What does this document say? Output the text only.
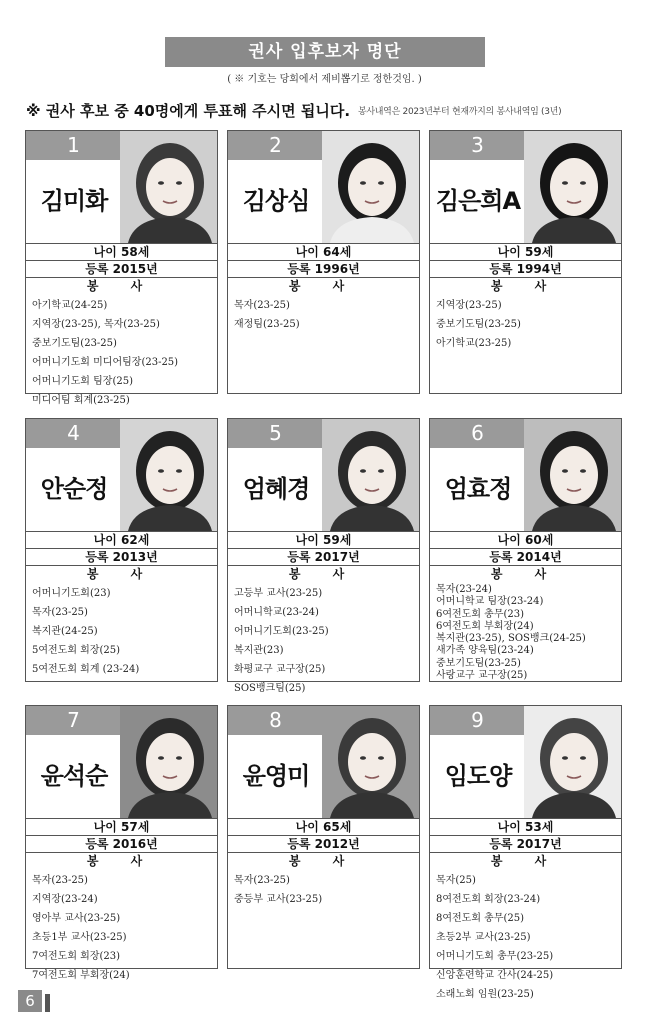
권사 입후보자 명단
( ※ 기호는 당회에서 제비뽑기로 정한것임. )
※ 권사 후보 중 40명에게 투표해 주시면 됩니다. 봉사내역은 2023년부터 현재까지의 봉사내역임 (3년)
1
김미화
나이 58세
등록 2015년
봉 사
아기학교(24-25)
지역장(23-25), 목자(23-25)
중보기도팀(23-25)
어머니기도회 미디어팀장(23-25)
어머니기도회 팀장(25)
미디어팀 회계(23-25)
2
김상심
나이 64세
등록 1996년
봉 사
목자(23-25)
재정팀(23-25)
3
김은희A
나이 59세
등록 1994년
봉 사
지역장(23-25)
중보기도팀(23-25)
아기학교(23-25)
4
안순정
나이 62세
등록 2013년
봉 사
어머니기도회(23)
목자(23-25)
복지관(24-25)
5여전도회 회장(25)
5여전도회 회계 (23-24)
5
엄혜경
나이 59세
등록 2017년
봉 사
고등부 교사(23-25)
어머니학교(23-24)
어머니기도회(23-25)
복지관(23)
화평교구 교구장(25)
SOS뱅크팀(25)
6
엄효정
나이 60세
등록 2014년
봉 사
목자(23-24)
어머니학교 팀장(23-24)
6여전도회 총무(23)
6여전도회 부회장(24)
복지관(23-25), SOS뱅크(24-25)
새가족 양육팀(23-24)
중보기도팀(23-25)
사랑교구 교구장(25)
7
윤석순
나이 57세
등록 2016년
봉 사
목자(23-25)
지역장(23-24)
영아부 교사(23-25)
초등1부 교사(23-25)
7여전도회 회장(23)
7여전도회 부회장(24)
8
윤영미
나이 65세
등록 2012년
봉 사
목자(23-25)
중등부 교사(23-25)
9
임도양
나이 53세
등록 2017년
봉 사
목자(25)
8여전도회 회장(23-24)
8여전도회 총무(25)
초등2부 교사(23-25)
어머니기도회 총무(23-25)
신앙훈련학교 간사(24-25)
소래노회 임원(23-25)
6
